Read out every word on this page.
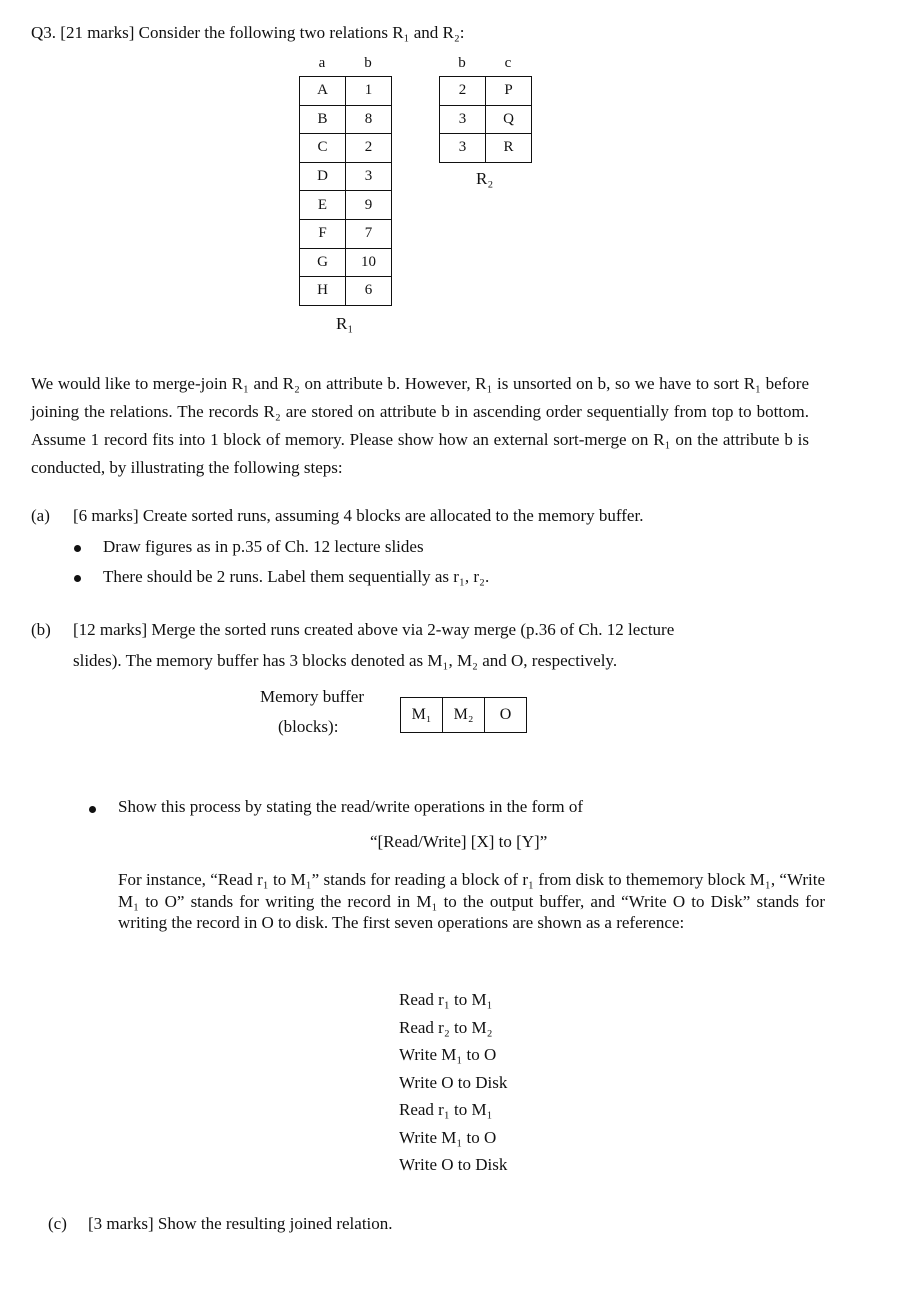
Q3. [21 marks] Consider the following two relations R₁ and R₂:
a	b
A	1
B	8
C	2
D	3
E	9
F	7
G	10
H	6
R₁
b	c
2	P
3	Q
3	R
R₂
We would like to merge-join R₁ and R₂ on attribute b. However, R₁ is unsorted on b, so we have to sort R₁ before joining the relations. The records R₂ are stored on attribute b in ascending order sequentially from top to bottom. Assume 1 record fits into 1 block of memory. Please show how an external sort-merge on R₁ on the attribute b is conducted, by illustrating the following steps:
(a) [6 marks] Create sorted runs, assuming 4 blocks are allocated to the memory buffer.
Draw figures as in p.35 of Ch. 12 lecture slides
There should be 2 runs. Label them sequentially as r₁, r₂.
(b) [12 marks] Merge the sorted runs created above via 2-way merge (p.36 of Ch. 12 lecture
slides). The memory buffer has 3 blocks denoted as M₁, M₂ and O, respectively.
Memory buffer
(blocks):
M₁	M₂	O
Show this process by stating the read/write operations in the form of
“[Read/Write] [X] to [Y]”
For instance, “Read r₁ to M₁” stands for reading a block of r₁ from disk to thememory block M₁, “Write M₁ to O” stands for writing the record in M₁ to the output buffer, and “Write O to Disk” stands for writing the record in O to disk. The first seven operations are shown as a reference:
Read r₁ to M₁
Read r₂ to M₂
Write M₁ to O
Write O to Disk
Read r₁ to M₁
Write M₁ to O
Write O to Disk
(c) [3 marks] Show the resulting joined relation.
